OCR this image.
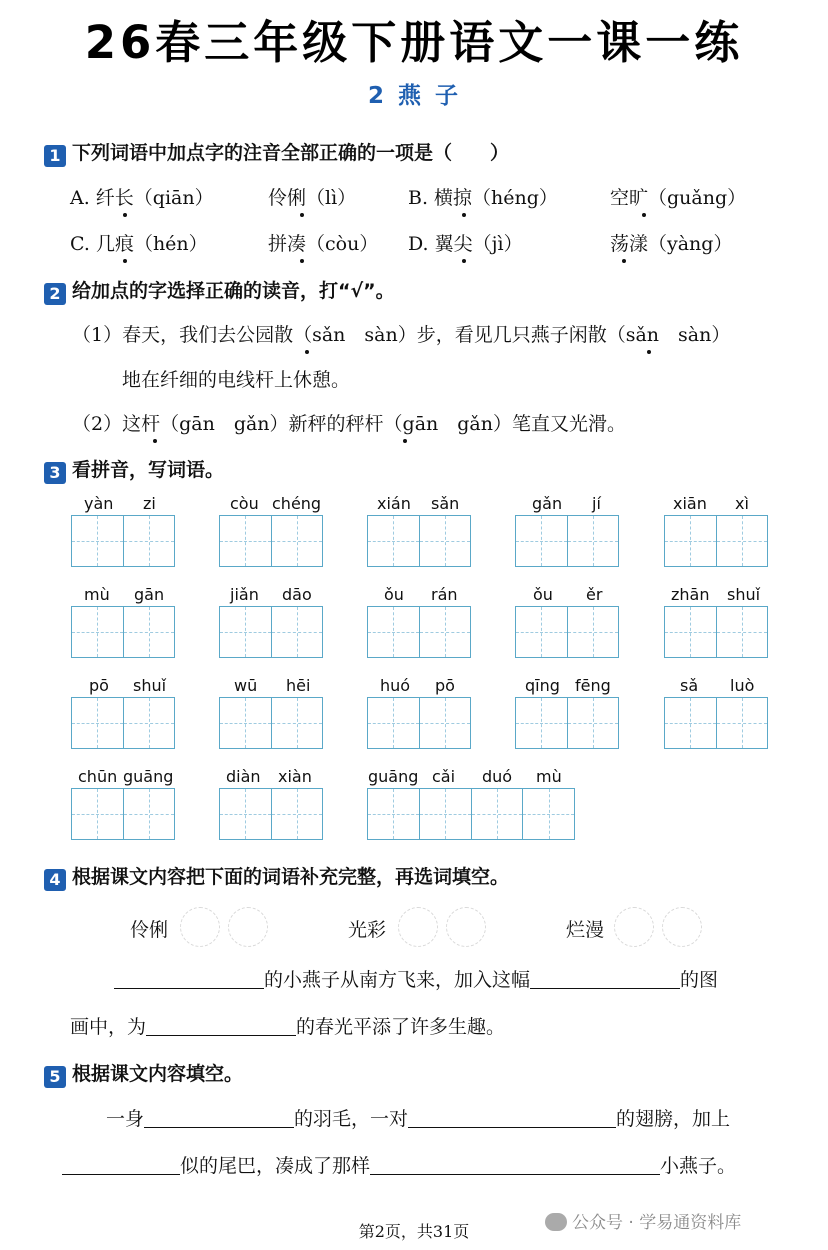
26春三年级下册语文一课一练
2 燕 子
1 下列词语中加点字的注音全部正确的一项是（　　）
A. 纤长（qiān）	伶俐（lì）	B. 横掠（héng）	空旷（guǎng）
C. 几痕（hén）	拼凑（còu） D. 翼尖（jì）	荡漾（yàng）
2 给加点的字选择正确的读音，打“√”。
（1）春天，我们去公园散（sǎn　sàn）步，看见几只燕子闲散（sǎn　sàn）
地在纤细的电线杆上休憩。
（2）这杆（gān　gǎn）新秤的秤杆（gān　gǎn）笔直又光滑。
3 看拼音，写词语。
yàn zi	còu chéng	xián sǎn	gǎn jí	xiān xì
mù gān	jiǎn dāo	ǒu rán	ǒu ěr	zhān shuǐ
pō shuǐ	wū hēi	huó pō	qīng fēng	sǎ luò
chūn guāng	diàn xiàn	guāng cǎi duó mù
4 根据课文内容把下面的词语补充完整，再选词填空。
伶俐	光彩	烂漫
的小燕子从南方飞来，加入这幅	的图
画中，为	的春光平添了许多生趣。
5 根据课文内容填空。
一身	的羽毛，一对	的翅膀，加上
似的尾巴，凑成了那样	小燕子。
公众号 · 学易通资料库
第2页，共31页
